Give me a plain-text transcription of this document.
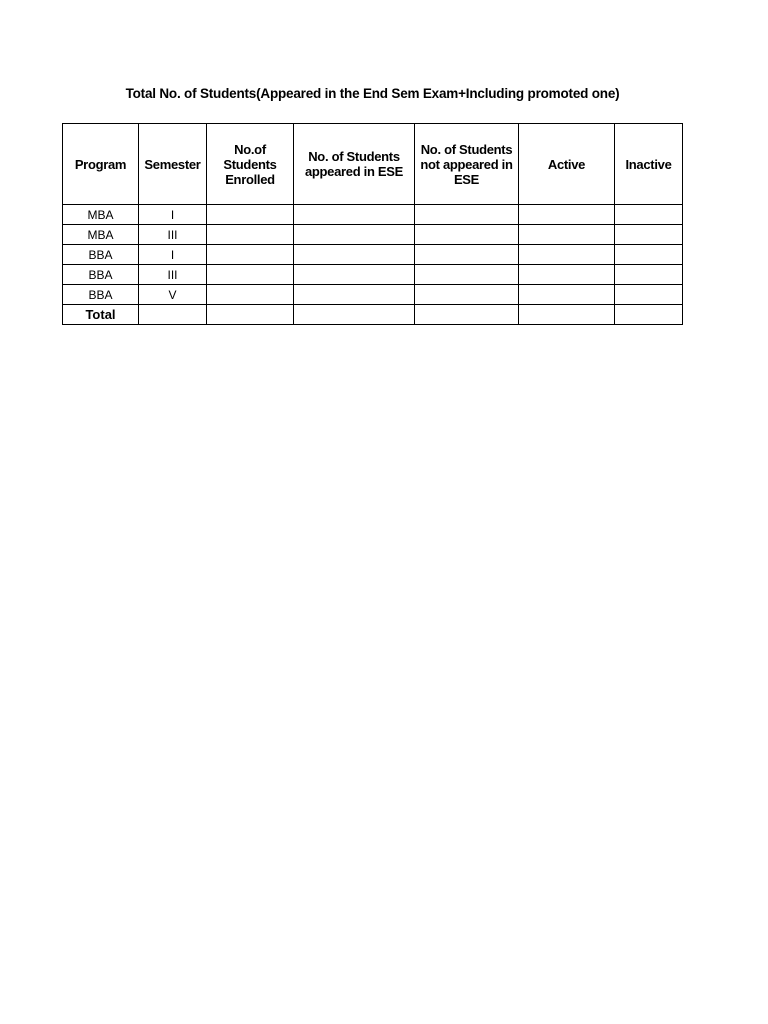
Total No. of Students(Appeared in the End Sem Exam+Including promoted one)
Program	Semester	No.of Students Enrolled	No. of Students appeared in ESE	No. of Students not appeared in ESE	Active	Inactive
MBA	I					
MBA	III					
BBA	I					
BBA	III					
BBA	V					
Total						
